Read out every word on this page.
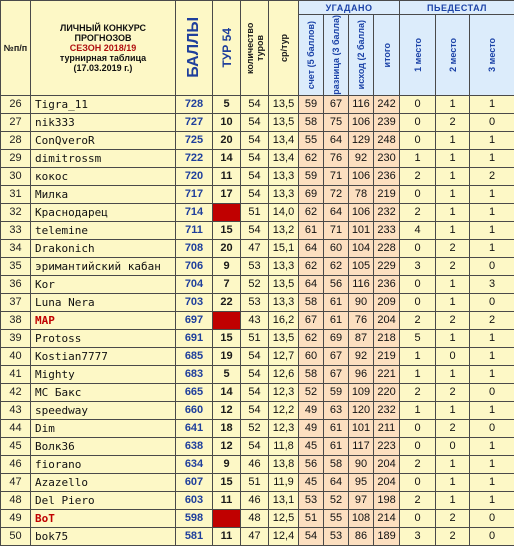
№п/п	ЛИЧНЫЙ КОНКУРС
ПРОГНОЗОВ
СЕЗОН 2018/19
турнирная таблица
(17.03.2019 г.)	БАЛЛЫ	ТУР 54	количество туров	ср/тур	УГАДАНО				ПЬЕДЕСТАЛ		

						счет (5 баллов)	разница (3 балла)	исход (2 балла)	итого	1 место	2 место	3 место

26	Tigra_11	728	5	54	13,5	59	67	116	242	0	1	1
27	nik333	727	10	54	13,5	58	75	106	239	0	2	0
28	ConQveroR	725	20	54	13,4	55	64	129	248	0	1	1
29	dimitrossm	722	14	54	13,4	62	76	92	230	1	1	1
30	кокос	720	11	54	13,3	59	71	106	236	2	1	2
31	Милка	717	17	54	13,3	69	72	78	219	0	1	1
32	Краснодарец	714		51	14,0	62	64	106	232	2	1	1
33	telemine	711	15	54	13,2	61	71	101	233	4	1	1
34	Drakonich	708	20	47	15,1	64	60	104	228	0	2	1
35	эримантийский кабан	706	9	53	13,3	62	62	105	229	3	2	0
36	Kor	704	7	52	13,5	64	56	116	236	0	1	3
37	Luna Nera	703	22	53	13,3	58	61	90	209	0	1	0
38	MAP	697		43	16,2	67	61	76	204	2	2	2
39	Protoss	691	15	51	13,5	62	69	87	218	5	1	1
40	Kostian7777	685	19	54	12,7	60	67	92	219	1	0	1
41	Mighty	683	5	54	12,6	58	67	96	221	1	1	1
42	MC Бакс	665	14	54	12,3	52	59	109	220	2	2	0
43	speedway	660	12	54	12,2	49	63	120	232	1	1	1
44	Dim	641	18	52	12,3	49	61	101	211	0	2	0
45	Волк36	638	12	54	11,8	45	61	117	223	0	0	1
46	fiorano	634	9	46	13,8	56	58	90	204	2	1	1
47	Azazello	607	15	51	11,9	45	64	95	204	0	1	1
48	Del Piero	603	11	46	13,1	53	52	97	198	2	1	1
49	BoT	598		48	12,5	51	55	108	214	0	2	0
50	bok75	581	11	47	12,4	54	53	86	189	3	2	0
